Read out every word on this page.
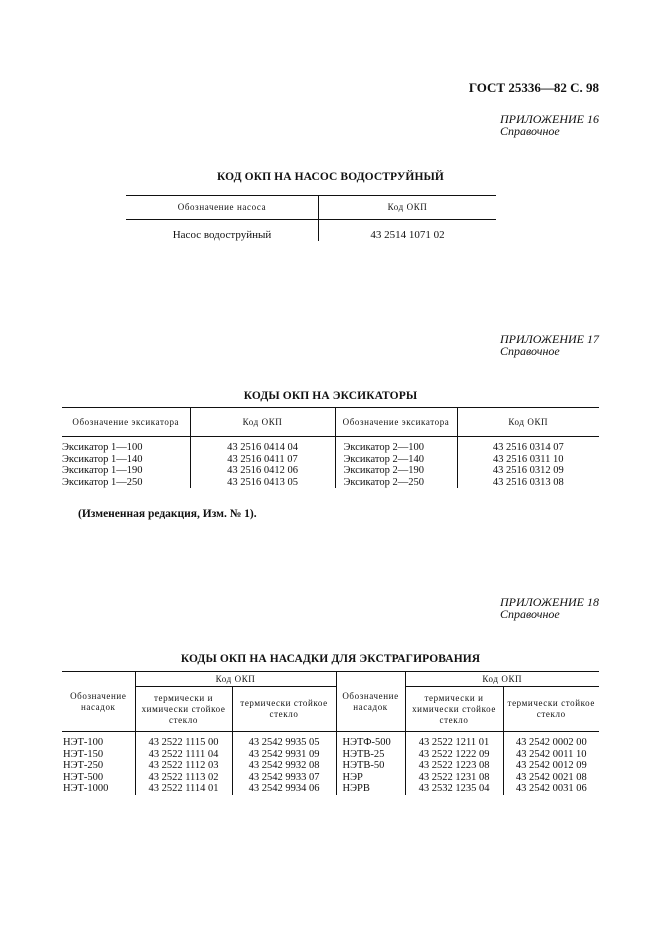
ГОСТ 25336—82 С. 98
ПРИЛОЖЕНИЕ 16
Справочное
КОД ОКП НА НАСОС ВОДОСТРУЙНЫЙ
Обозначение насоса	Код ОКП
Насос водоструйный	43 2514 1071 02
ПРИЛОЖЕНИЕ 17
Справочное
КОДЫ ОКП НА ЭКСИКАТОРЫ
Обозначение эксикатора	Код ОКП	Обозначение эксикатора	Код ОКП
Эксикатор 1—100	43 2516 0414 04	Эксикатор 2—100	43 2516 0314 07
Эксикатор 1—140	43 2516 0411 07	Эксикатор 2—140	43 2516 0311 10
Эксикатор 1—190	43 2516 0412 06	Эксикатор 2—190	43 2516 0312 09
Эксикатор 1—250	43 2516 0413 05	Эксикатор 2—250	43 2516 0313 08
(Измененная редакция, Изм. № 1).
ПРИЛОЖЕНИЕ 18
Справочное
КОДЫ ОКП НА НАСАДКИ ДЛЯ ЭКСТРАГИРОВАНИЯ
Обозначение насадок	Код ОКП		Обозначение насадок	Код ОКП	
	термически и химически стойкое стекло	термически стойкое стекло		термически и химически стойкое стекло	термически стойкое стекло
НЭТ-100	43 2522 1115 00	43 2542 9935 05	НЭТФ-500	43 2522 1211 01	43 2542 0002 00
НЭТ-150	43 2522 1111 04	43 2542 9931 09	НЭТВ-25	43 2522 1222 09	43 2542 0011 10
НЭТ-250	43 2522 1112 03	43 2542 9932 08	НЭТВ-50	43 2522 1223 08	43 2542 0012 09
НЭТ-500	43 2522 1113 02	43 2542 9933 07	НЭР	43 2522 1231 08	43 2542 0021 08
НЭТ-1000	43 2522 1114 01	43 2542 9934 06	НЭРВ	43 2532 1235 04	43 2542 0031 06
